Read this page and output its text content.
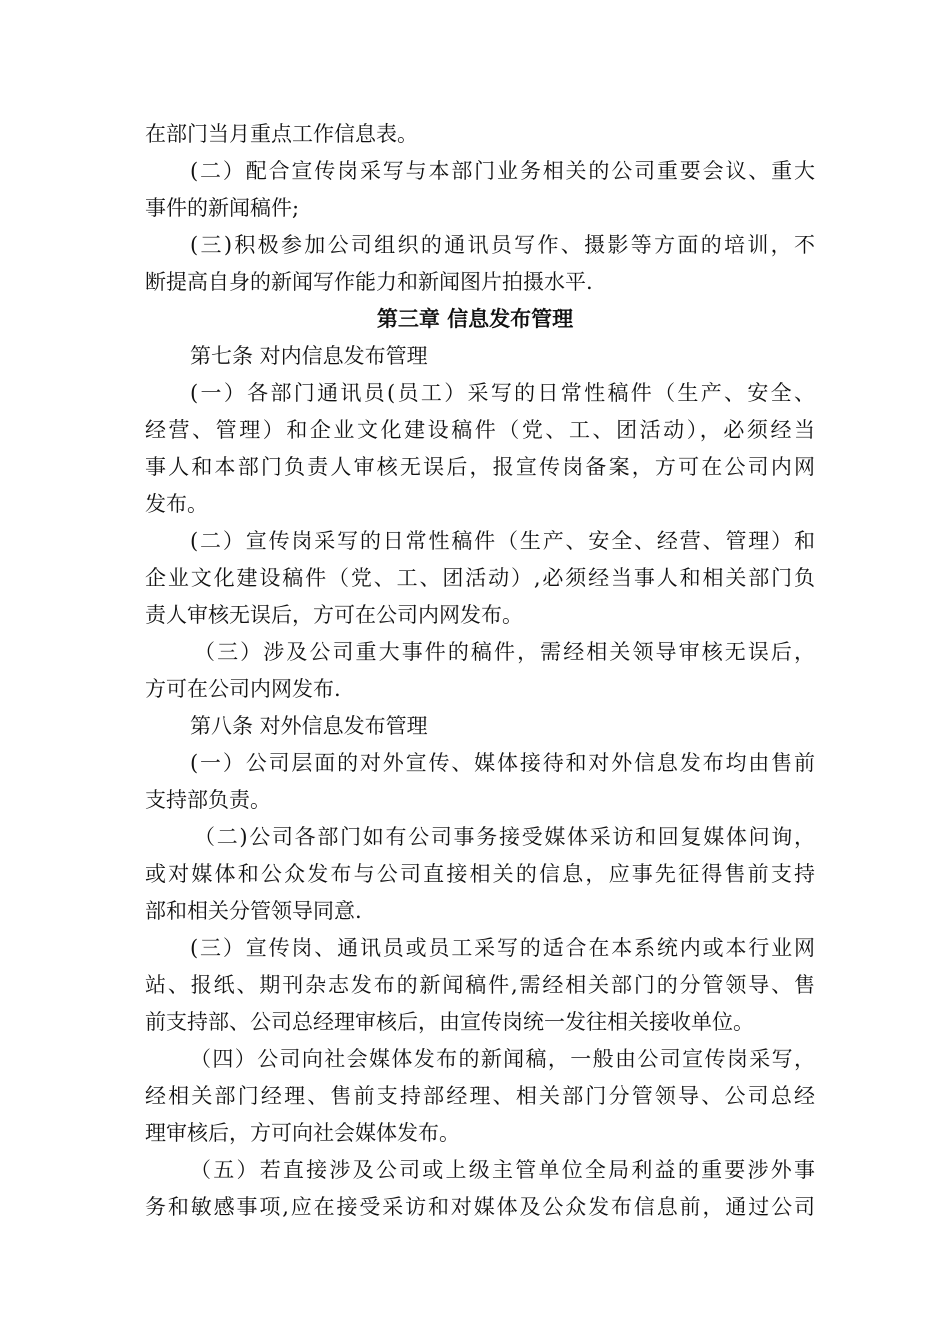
在部门当月重点工作信息表。
(二）配合宣传岗采写与本部门业务相关的公司重要会议、重大
事件的新闻稿件;
(三)积极参加公司组织的通讯员写作、摄影等方面的培训，不
断提高自身的新闻写作能力和新闻图片拍摄水平.
第三章 信息发布管理
第七条 对内信息发布管理
(一）各部门通讯员(员工）采写的日常性稿件（生产、安全、
经营、管理）和企业文化建设稿件（党、工、团活动），必须经当
事人和本部门负责人审核无误后，报宣传岗备案，方可在公司内网
发布。
(二）宣传岗采写的日常性稿件（生产、安全、经营、管理）和
企业文化建设稿件（党、工、团活动）,必须经当事人和相关部门负
责人审核无误后，方可在公司内网发布。
（三）涉及公司重大事件的稿件，需经相关领导审核无误后，
方可在公司内网发布.
第八条 对外信息发布管理
(一）公司层面的对外宣传、媒体接待和对外信息发布均由售前
支持部负责。
（二)公司各部门如有公司事务接受媒体采访和回复媒体问询，
或对媒体和公众发布与公司直接相关的信息，应事先征得售前支持
部和相关分管领导同意.
(三）宣传岗、通讯员或员工采写的适合在本系统内或本行业网
站、报纸、期刊杂志发布的新闻稿件,需经相关部门的分管领导、售
前支持部、公司总经理审核后，由宣传岗统一发往相关接收单位。
（四）公司向社会媒体发布的新闻稿，一般由公司宣传岗采写，
经相关部门经理、售前支持部经理、相关部门分管领导、公司总经
理审核后，方可向社会媒体发布。
（五）若直接涉及公司或上级主管单位全局利益的重要涉外事
务和敏感事项,应在接受采访和对媒体及公众发布信息前，通过公司
